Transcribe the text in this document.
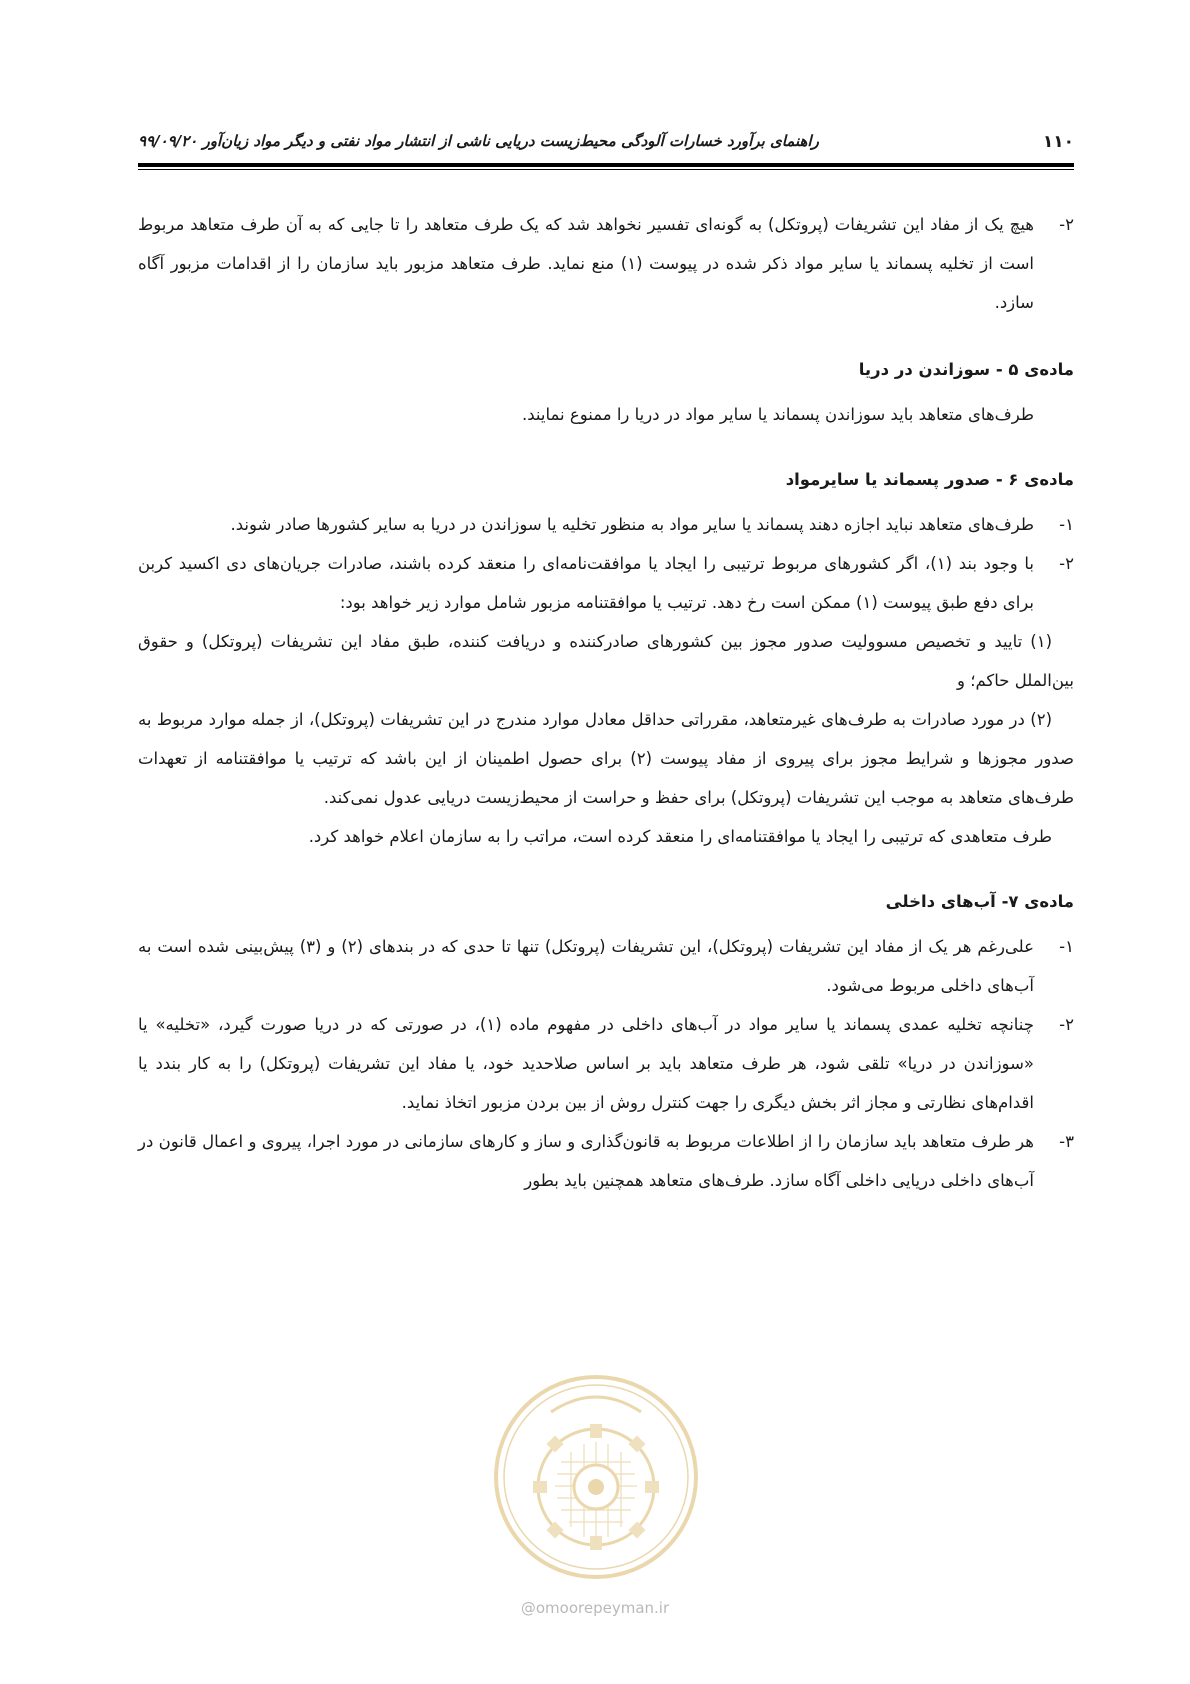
۱۱۰
راهنمای برآورد خسارات آلودگی محیط‌زیست دریایی ناشی از انتشار مواد نفتی و دیگر مواد زیان‌آور ۹۹/۰۹/۲۰
۲-
هیچ یک از مفاد این تشریفات (پروتکل) به گونه‌ای تفسیر نخواهد شد که یک طرف متعاهد را تا جایی که به آن طرف متعاهد مربوط است از تخلیه پسماند یا سایر مواد ذکر شده در پیوست (۱) منع نماید. طرف متعاهد مزبور باید سازمان را از اقدامات مزبور آگاه سازد.
ماده‌ی ۵ - سوزاندن در دریا

طرف‌های متعاهد باید سوزاندن پسماند یا سایر مواد در دریا را ممنوع نمایند.

ماده‌ی ۶ - صدور پسماند یا سایرمواد
۱-
طرف‌های متعاهد نباید اجازه دهند پسماند یا سایر مواد به منظور تخلیه یا سوزاندن در دریا به سایر کشورها صادر شوند.
۲-
با وجود بند (۱)، اگر کشورهای مربوط ترتیبی را ایجاد یا موافقت‌نامه‌ای را منعقد کرده باشند، صادرات جریان‌های دی اکسید کربن برای دفع طبق پیوست (۱) ممکن است رخ دهد. ترتیب یا موافقتنامه مزبور شامل موارد زیر خواهد بود:

(۱) تایید و تخصیص مسوولیت صدور مجوز بین کشورهای صادرکننده و دریافت کننده، طبق مفاد این تشریفات (پروتکل) و حقوق بین‌الملل حاکم؛ و

(۲) در مورد صادرات به طرف‌های غیرمتعاهد، مقرراتی حداقل معادل موارد مندرج در این تشریفات (پروتکل)، از جمله موارد مربوط به صدور مجوزها و شرایط مجوز برای پیروی از مفاد پیوست (۲) برای حصول اطمینان از این باشد که ترتیب یا موافقتنامه از تعهدات طرف‌های متعاهد به موجب این تشریفات (پروتکل) برای حفظ و حراست از محیط‌زیست دریایی عدول نمی‌کند.

طرف متعاهدی که ترتیبی را ایجاد یا موافقتنامه‌ای را منعقد کرده است، مراتب را به سازمان اعلام خواهد کرد.

ماده‌ی ۷- آب‌های داخلی
۱-
علی‌رغم هر یک از مفاد این تشریفات (پروتکل)، این تشریفات (پروتکل) تنها تا حدی که در بندهای (۲) و (۳) پیش‌بینی شده است به آب‌های داخلی مربوط می‌شود.
۲-
چنانچه تخلیه عمدی پسماند یا سایر مواد در آب‌های داخلی در مفهوم ماده (۱)، در صورتی که در دریا صورت گیرد، «تخلیه» یا «سوزاندن در دریا» تلقی شود، هر طرف متعاهد باید بر اساس صلاحدید خود، یا مفاد این تشریفات (پروتکل) را به کار بندد یا اقدام‌های نظارتی و مجاز اثر بخش دیگری را جهت کنترل روش از بین بردن مزبور اتخاذ نماید.
۳-
هر طرف متعاهد باید سازمان را از اطلاعات مربوط به قانون‌گذاری و ساز و کارهای سازمانی در مورد اجرا، پیروی و اعمال قانون در آب‌های داخلی دریایی داخلی آگاه سازد. طرف‌های متعاهد همچنین باید بطور
@omoorepeyman.ir
